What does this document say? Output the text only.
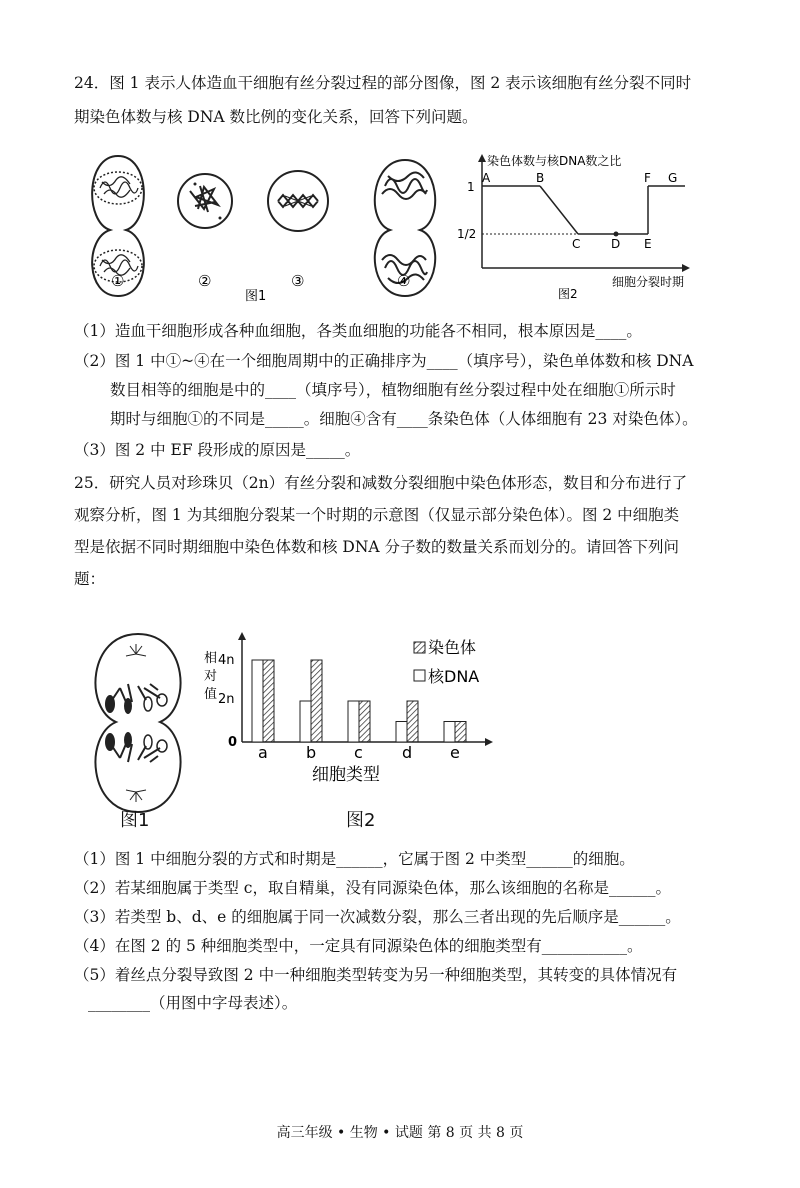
24．图 1 表示人体造血干细胞有丝分裂过程的部分图像，图 2 表示该细胞有丝分裂不同时
期染色体数与核 DNA 数比例的变化关系，回答下列问题。
①	②	③	④
图1
染色体数与核DNA数之比
1
1/2
A	B
C	D E
F G
细胞分裂时期
图2
（1）造血干细胞形成各种血细胞，各类血细胞的功能各不相同，根本原因是____。
（2）图 1 中①~④在一个细胞周期中的正确排序为____（填序号），染色单体数和核 DNA
数目相等的细胞是中的____（填序号），植物细胞有丝分裂过程中处在细胞①所示时
期时与细胞①的不同是_____。细胞④含有____条染色体（人体细胞有 23 对染色体）。
（3）图 2 中 EF 段形成的原因是_____。
25．研究人员对珍珠贝（2n）有丝分裂和减数分裂细胞中染色体形态，数目和分布进行了
观察分析，图 1 为其细胞分裂某一个时期的示意图（仅显示部分染色体）。图 2 中细胞类
型是依据不同时期细胞中染色体数和核 DNA 分子数的数量关系而划分的。请回答下列问
题：
图1
相
对
值
4n
2n
0
a b c d e
染色体
核DNA
细胞类型
图2
（1）图 1 中细胞分裂的方式和时期是______，它属于图 2 中类型______的细胞。
（2）若某细胞属于类型 c，取自精巢，没有同源染色体，那么该细胞的名称是______。
（3）若类型 b、d、e 的细胞属于同一次减数分裂，那么三者出现的先后顺序是______。
（4）在图 2 的 5 种细胞类型中，一定具有同源染色体的细胞类型有___________。
（5）着丝点分裂导致图 2 中一种细胞类型转变为另一种细胞类型，其转变的具体情况有
________（用图中字母表述）。
高三年级 • 生物 • 试题 第 8 页 共 8 页
